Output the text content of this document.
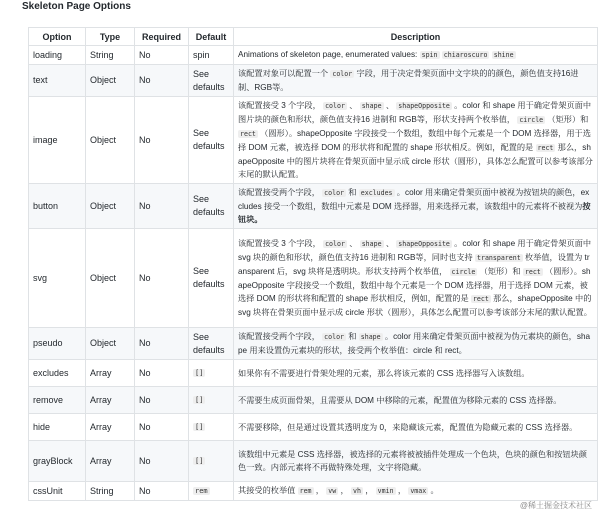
Skeleton Page Options
Option	Type	Required	Default	Description
loading	String	No	spin	Animations of skeleton page, enumerated values: spin chiaroscuro shine
text	Object	No	See defaults	该配置对象可以配置一个 color 字段，用于决定骨架页面中文字块的的颜色，颜色值支持16进制、RGB等。
image	Object	No	See defaults	该配置接受 3 个字段， color 、 shape 、 shapeOpposite 。color 和 shape 用于确定骨架页面中图片块的颜色和形状，颜色值支持16 进制和 RGB等，形状支持两个枚举值， circle （矩形）和 rect （圆形）。shapeOpposite 字段接受一个数组，数组中每个元素是一个 DOM 选择器，用于选择 DOM 元素，被选择 DOM 的形状将和配置的 shape 形状相反。例如，配置的是 rect 那么，shapeOpposite 中的图片块将在骨架页面中显示成 circle 形状（圆形），具体怎么配置可以参考该部分末尾的默认配置。
button	Object	No	See defaults	该配置接受两个字段， color 和 excludes 。color 用来确定骨架页面中被视为按钮块的颜色，excludes 接受一个数组，数组中元素是 DOM 选择器，用来选择元素，该数组中的元素将不被视为按钮块。
svg	Object	No	See defaults	该配置接受 3 个字段， color 、 shape 、 shapeOpposite 。color 和 shape 用于确定骨架页面中 svg 块的颜色和形状，颜色值支持16 进制和 RGB等，同时也支持 transparent 枚举值，设置为 transparent 后，svg 块将是透明块。形状支持两个枚举值， circle （矩形）和 rect （圆形）。shapeOpposite 字段接受一个数组，数组中每个元素是一个 DOM 选择器，用于选择 DOM 元素，被选择 DOM 的形状将和配置的 shape 形状相反，例如，配置的是 rect 那么，shapeOpposite 中的 svg 块将在骨架页面中显示成 circle 形状（圆形），具体怎么配置可以参考该部分末尾的默认配置。
pseudo	Object	No	See defaults	该配置接受两个字段， color 和 shape 。color 用来确定骨架页面中被视为伪元素块的颜色，shape 用来设置伪元素块的形状，接受两个枚举值：circle 和 rect。
excludes	Array	No	[]	如果你有不需要进行骨架处理的元素，那么将该元素的 CSS 选择器写入该数组。
remove	Array	No	[]	不需要生成页面骨架，且需要从 DOM 中移除的元素，配置值为移除元素的 CSS 选择器。
hide	Array	No	[]	不需要移除，但是通过设置其透明度为 0，来隐藏该元素，配置值为隐藏元素的 CSS 选择器。
grayBlock	Array	No	[]	该数组中元素是 CSS 选择器，被选择的元素将被被插件处理成一个色块，色块的颜色和按钮块颜色一致。内部元素将不再做特殊处理，文字将隐藏。
cssUnit	String	No	rem	其接受的枚举值 rem ， vw ， vh ， vmin ， vmax 。
@稀土掘金技术社区
